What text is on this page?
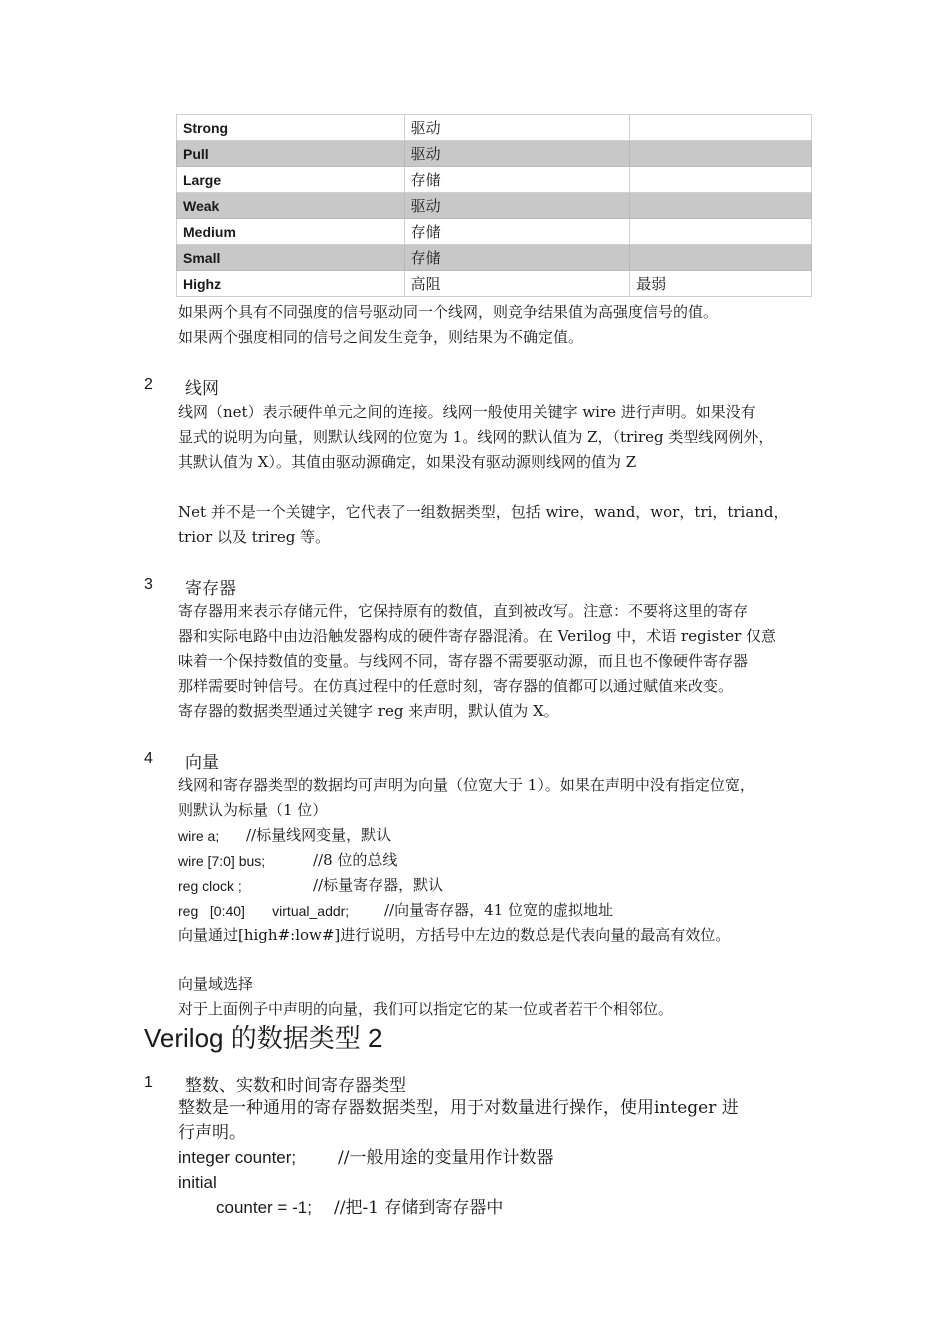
Strong	驱动	
Pull	驱动	
Large	存储	
Weak	驱动	
Medium	存储	
Small	存储	
Highz	高阻	最弱
如果两个具有不同强度的信号驱动同一个线网，则竞争结果值为高强度信号的值。
如果两个强度相同的信号之间发生竞争，则结果为不确定值。
2 线网
线网（net）表示硬件单元之间的连接。线网一般使用关键字 wire 进行声明。如果没有
显式的说明为向量，则默认线网的位宽为 1。线网的默认值为 Z，（trireg 类型线网例外，
其默认值为 X）。其值由驱动源确定，如果没有驱动源则线网的值为 Z
Net 并不是一个关键字，它代表了一组数据类型，包括 wire，wand，wor，tri，triand，
trior 以及 trireg 等。
3 寄存器
寄存器用来表示存储元件，它保持原有的数值，直到被改写。注意：不要将这里的寄存
器和实际电路中由边沿触发器构成的硬件寄存器混淆。在 Verilog 中，术语 register 仅意
味着一个保持数值的变量。与线网不同，寄存器不需要驱动源，而且也不像硬件寄存器
那样需要时钟信号。在仿真过程中的任意时刻，寄存器的值都可以通过赋值来改变。
寄存器的数据类型通过关键字 reg 来声明，默认值为 X。
4 向量
线网和寄存器类型的数据均可声明为向量（位宽大于 1）。如果在声明中没有指定位宽，
则默认为标量（1 位）
wire a; //标量线网变量，默认
wire [7:0] bus;	//8 位的总线
reg clock ;	//标量寄存器，默认
reg   [0:40]       virtual_addr; //向量寄存器，41 位宽的虚拟地址
向量通过[high#:low#]进行说明，方括号中左边的数总是代表向量的最高有效位。
向量域选择
对于上面例子中声明的向量，我们可以指定它的某一位或者若干个相邻位。
Verilog 的数据类型 2
1 整数、实数和时间寄存器类型
整数是一种通用的寄存器数据类型，用于对数量进行操作，使用integer 进
行声明。
integer counter; //一般用途的变量用作计数器
initial
counter = -1; //把-1 存储到寄存器中
